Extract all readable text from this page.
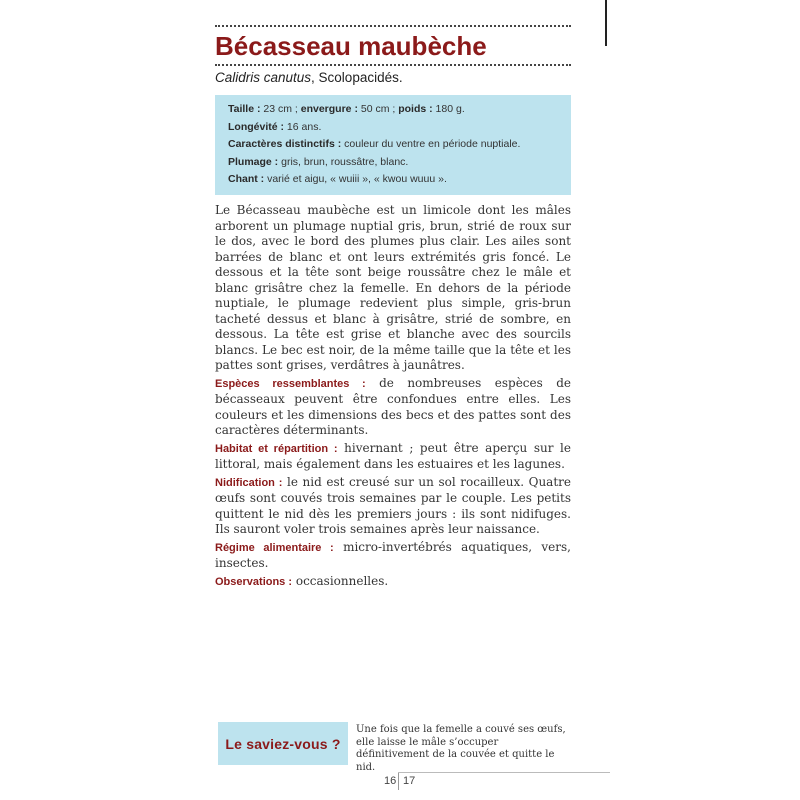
Bécasseau maubèche
Calidris canutus, Scolopacidés.
Taille : 23 cm ; envergure : 50 cm ; poids : 180 g.
Longévité : 16 ans.
Caractères distinctifs : couleur du ventre en période nuptiale.
Plumage : gris, brun, roussâtre, blanc.
Chant : varié et aigu, « wuiii », « kwou wuuu ».

Le Bécasseau maubèche est un limicole dont les mâles arborent un plumage nuptial gris, brun, strié de roux sur le dos, avec le bord des plumes plus clair. Les ailes sont barrées de blanc et ont leurs extrémités gris foncé. Le dessous et la tête sont beige roussâtre chez le mâle et blanc grisâtre chez la femelle. En dehors de la période nuptiale, le plumage redevient plus simple, gris-brun tacheté dessus et blanc à grisâtre, strié de sombre, en dessous. La tête est grise et blanche avec des sourcils blancs. Le bec est noir, de la même taille que la tête et les pattes sont grises, verdâtres à jaunâtres.

Espèces ressemblantes : de nombreuses espèces de bécasseaux peuvent être confondues entre elles. Les couleurs et les dimensions des becs et des pattes sont des caractères déterminants.

Habitat et répartition : hivernant ; peut être aperçu sur le littoral, mais également dans les estuaires et les lagunes.

Nidification : le nid est creusé sur un sol rocailleux. Quatre œufs sont couvés trois semaines par le couple. Les petits quittent le nid dès les premiers jours : ils sont nidifuges. Ils sauront voler trois semaines après leur naissance.

Régime alimentaire : micro-invertébrés aquatiques, vers, insectes.

Observations : occasionnelles.

Le saviez-vous ?
Une fois que la femelle a couvé ses œufs, elle laisse le mâle s’occuper définitivement de la couvée et quitte le nid.
16 17
